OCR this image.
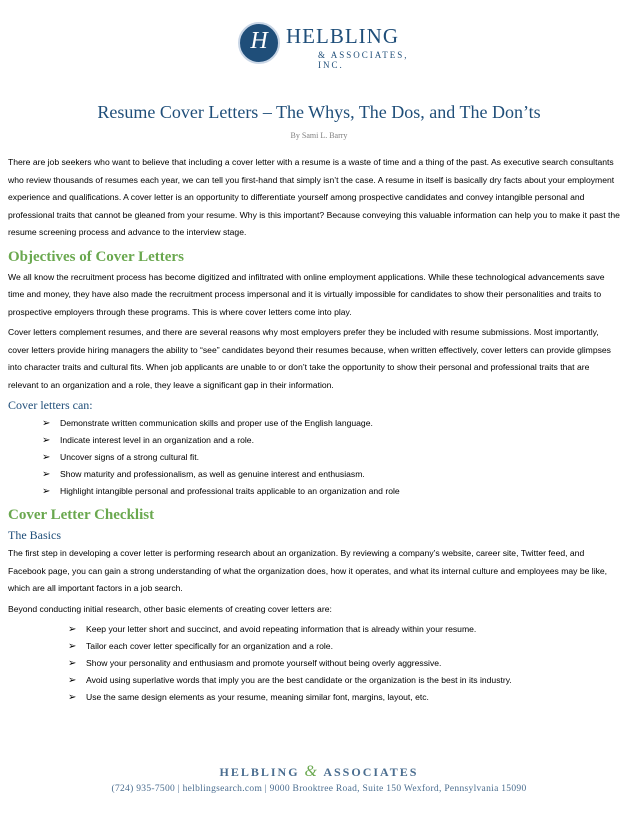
H HELBLING
& ASSOCIATES, INC.
Resume Cover Letters – The Whys, The Dos, and The Don’ts
By Sami L. Barry

There are job seekers who want to believe that including a cover letter with a resume is a waste of time and a thing of the past. As executive search consultants who review thousands of resumes each year, we can tell you first-hand that simply isn’t the case. A resume in itself is basically dry facts about your employment experience and qualifications. A cover letter is an opportunity to differentiate yourself among prospective candidates and convey intangible personal and professional traits that cannot be gleaned from your resume. Why is this important? Because conveying this valuable information can help you to make it past the resume screening process and advance to the interview stage.

Objectives of Cover Letters

We all know the recruitment process has become digitized and infiltrated with online employment applications. While these technological advancements save time and money, they have also made the recruitment process impersonal and it is virtually impossible for candidates to show their personalities and traits to prospective employers through these programs. This is where cover letters come into play.

Cover letters complement resumes, and there are several reasons why most employers prefer they be included with resume submissions. Most importantly, cover letters provide hiring managers the ability to “see” candidates beyond their resumes because, when written effectively, cover letters can provide glimpses into character traits and cultural fits. When job applicants are unable to or don’t take the opportunity to show their personal and professional traits that are relevant to an organization and a role, they leave a significant gap in their information.

Cover letters can:
➢ Demonstrate written communication skills and proper use of the English language.
➢ Indicate interest level in an organization and a role.
➢ Uncover signs of a strong cultural fit.
➢ Show maturity and professionalism, as well as genuine interest and enthusiasm.
➢ Highlight intangible personal and professional traits applicable to an organization and role
Cover Letter Checklist
The Basics

The first step in developing a cover letter is performing research about an organization. By reviewing a company’s website, career site, Twitter feed, and Facebook page, you can gain a strong understanding of what the organization does, how it operates, and what its internal culture and employees may be like, which are all important factors in a job search.

Beyond conducting initial research, other basic elements of creating cover letters are:

➢ Keep your letter short and succinct, and avoid repeating information that is already within your resume.
➢ Tailor each cover letter specifically for an organization and a role.
➢ Show your personality and enthusiasm and promote yourself without being overly aggressive.
➢ Avoid using superlative words that imply you are the best candidate or the organization is the best in its industry.
➢ Use the same design elements as your resume, meaning similar font, margins, layout, etc.
HELBLING & ASSOCIATES
(724) 935-7500 | helblingsearch.com | 9000 Brooktree Road, Suite 150 Wexford, Pennsylvania 15090
